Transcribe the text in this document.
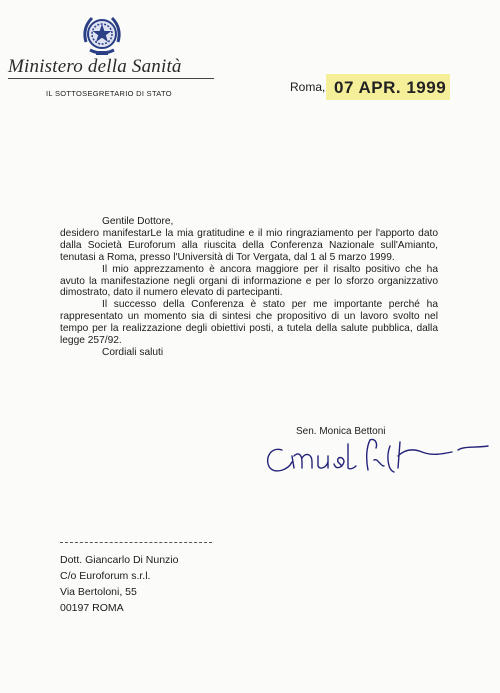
Ministero della Sanità
IL SOTTOSEGRETARIO DI STATO	Roma, 07 APR. 1999

Gentile Dottore,

desidero manifestarLe la mia gratitudine e il mio ringraziamento per l'apporto dato dalla Società Euroforum alla riuscita della Conferenza Nazionale sull'Amianto, tenutasi a Roma, presso l'Università di Tor Vergata, dal 1 al 5 marzo 1999.

Il mio apprezzamento è ancora maggiore per il risalto positivo che ha avuto la manifestazione negli organi di informazione e per lo sforzo organizzativo dimostrato, dato il numero elevato di partecipanti.

Il successo della Conferenza è stato per me importante perché ha rappresentato un momento sia di sintesi che propositivo di un lavoro svolto nel tempo per la realizzazione degli obiettivi posti, a tutela della salute pubblica, dalla legge 257/92.

Cordiali saluti

Sen. Monica Bettoni
Dott. Giancarlo Di Nunzio
C/o Euroforum s.r.l.
Via Bertoloni, 55
00197 ROMA
